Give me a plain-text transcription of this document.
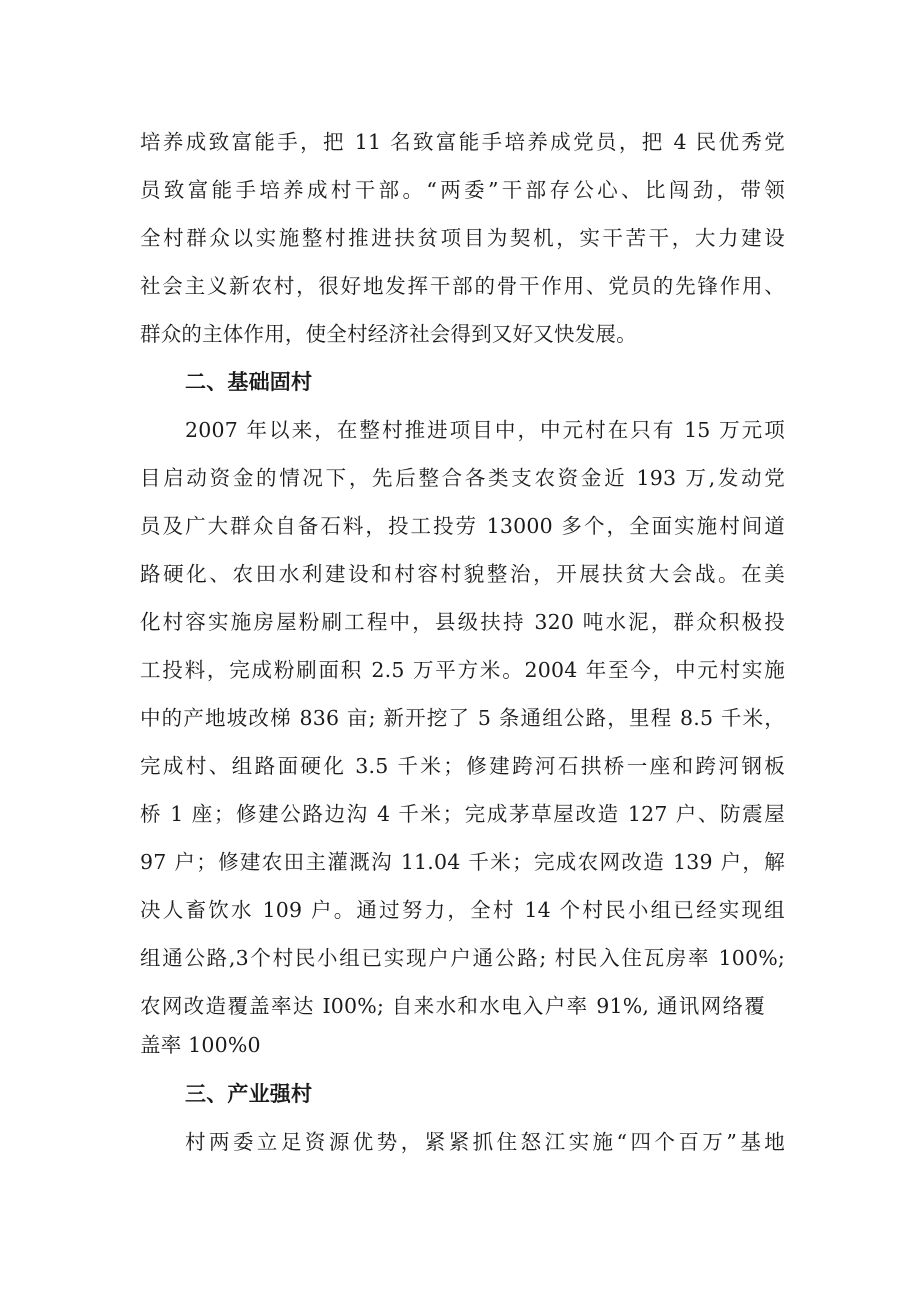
培养成致富能手，把 11 名致富能手培养成党员，把 4 民优秀党
员致富能手培养成村干部。“两委”干部存公心、比闯劲，带领
全村群众以实施整村推进扶贫项目为契机，实干苦干，大力建设
社会主义新农村，很好地发挥干部的骨干作用、党员的先锋作用、
群众的主体作用，使全村经济社会得到又好又快发展。
二、基础固村
2007 年以来，在整村推进项目中，中元村在只有 15 万元项
目启动资金的情况下，先后整合各类支农资金近 193 万,发动党
员及广大群众自备石料，投工投劳 13000 多个，全面实施村间道
路硬化、农田水利建设和村容村貌整治，开展扶贫大会战。在美
化村容实施房屋粉刷工程中，县级扶持 320 吨水泥，群众积极投
工投料，完成粉刷面积 2.5 万平方米。2004 年至今，中元村实施
中的产地坡改梯 836 亩; 新开挖了 5 条通组公路，里程 8.5 千米，
完成村、组路面硬化 3.5 千米；修建跨河石拱桥一座和跨河钢板
桥 1 座；修建公路边沟 4 千米；完成茅草屋改造 127 户、防震屋
97 户；修建农田主灌溉沟 11.04 千米；完成农网改造 139 户，解
决人畜饮水 109 户。通过努力，全村 14 个村民小组已经实现组
组通公路,3个村民小组已实现户户通公路; 村民入住瓦房率 100%;
农网改造覆盖率达 I00%; 自来水和水电入户率 91%, 通讯网络覆
盖率 100%0
三、产业强村
村两委立足资源优势，紧紧抓住怒江实施“四个百万”基地
